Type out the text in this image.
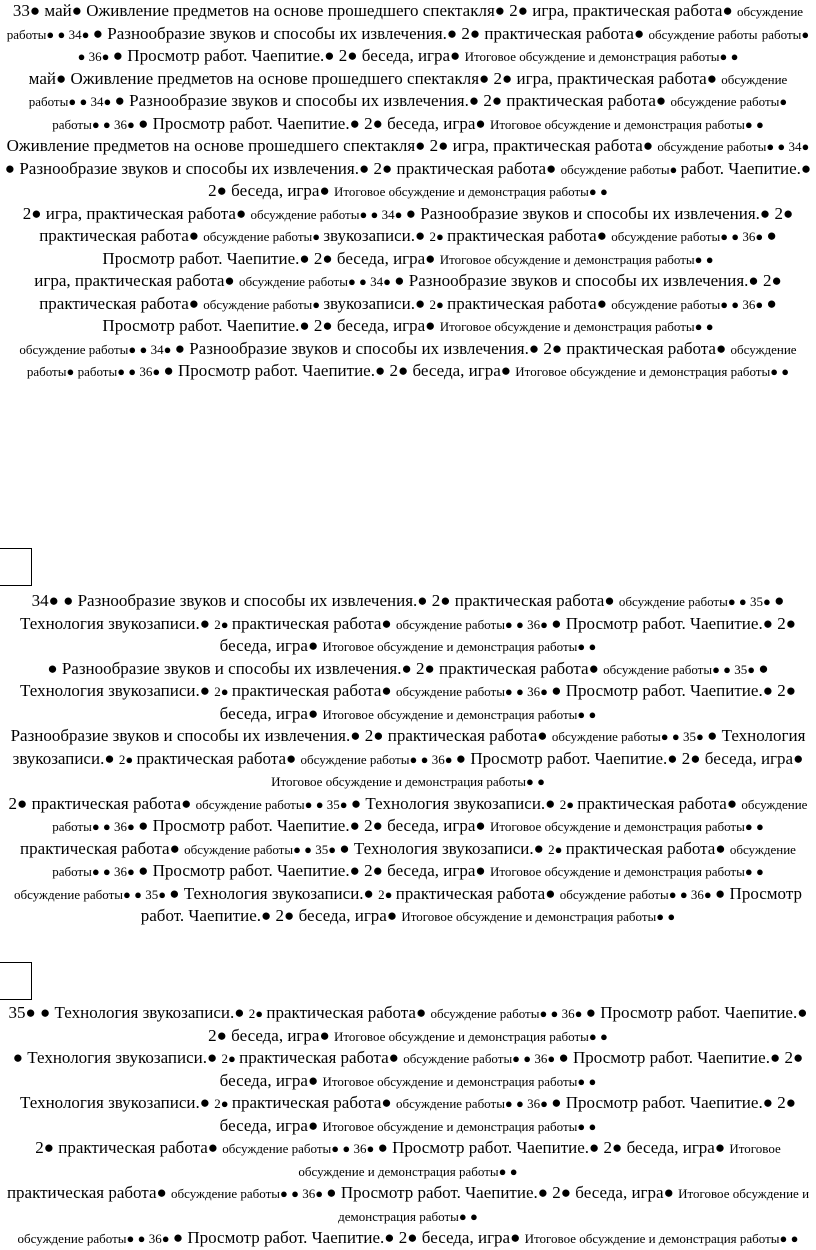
33● май● Оживление предметов на основе прошедшего спектакля● 2● игра, практическая работа● обсуждение работы● ● 34● ● Разнообразие звуков и способы их извлечения.● 2● практическая работа● обсуждение работы работы● ● 36● ● Просмотр работ. Чаепитие.● 2● беседа, игра● Итоговое обсуждение и демонстрация работы● ●

май● Оживление предметов на основе прошедшего спектакля● 2● игра, практическая работа● обсуждение работы● ● 34● ● Разнообразие звуков и способы их извлечения.● 2● практическая работа● обсуждение работы● работы● ● 36● ● Просмотр работ. Чаепитие.● 2● беседа, игра● Итоговое обсуждение и демонстрация работы● ●

Оживление предметов на основе прошедшего спектакля● 2● игра, практическая работа● обсуждение работы● ● 34● ● Разнообразие звуков и способы их извлечения.● 2● практическая работа● обсуждение работы● работ. Чаепитие.● 2● беседа, игра● Итоговое обсуждение и демонстрация работы● ●

2● игра, практическая работа● обсуждение работы● ● 34● ● Разнообразие звуков и способы их извлечения.● 2● практическая работа● обсуждение работы● звукозаписи.● 2● практическая работа● обсуждение работы● ● 36● ● Просмотр работ. Чаепитие.● 2● беседа, игра● Итоговое обсуждение и демонстрация работы● ●

игра, практическая работа● обсуждение работы● ● 34● ● Разнообразие звуков и способы их извлечения.● 2● практическая работа● обсуждение работы● звукозаписи.● 2● практическая работа● обсуждение работы● ● 36● ● Просмотр работ. Чаепитие.● 2● беседа, игра● Итоговое обсуждение и демонстрация работы● ●

обсуждение работы● ● 34● ● Разнообразие звуков и способы их извлечения.● 2● практическая работа● обсуждение работы● работы● ● 36● ● Просмотр работ. Чаепитие.● 2● беседа, игра● Итоговое обсуждение и демонстрация работы● ●

34● ● Разнообразие звуков и способы их извлечения.● 2● практическая работа● обсуждение работы● ● 35● ● Технология звукозаписи.● 2● практическая работа● обсуждение работы● ● 36● ● Просмотр работ. Чаепитие.● 2● беседа, игра● Итоговое обсуждение и демонстрация работы● ●

● Разнообразие звуков и способы их извлечения.● 2● практическая работа● обсуждение работы● ● 35● ● Технология звукозаписи.● 2● практическая работа● обсуждение работы● ● 36● ● Просмотр работ. Чаепитие.● 2● беседа, игра● Итоговое обсуждение и демонстрация работы● ●

Разнообразие звуков и способы их извлечения.● 2● практическая работа● обсуждение работы● ● 35● ● Технология звукозаписи.● 2● практическая работа● обсуждение работы● ● 36● ● Просмотр работ. Чаепитие.● 2● беседа, игра● Итоговое обсуждение и демонстрация работы● ●

2● практическая работа● обсуждение работы● ● 35● ● Технология звукозаписи.● 2● практическая работа● обсуждение работы● ● 36● ● Просмотр работ. Чаепитие.● 2● беседа, игра● Итоговое обсуждение и демонстрация работы● ●

практическая работа● обсуждение работы● ● 35● ● Технология звукозаписи.● 2● практическая работа● обсуждение работы● ● 36● ● Просмотр работ. Чаепитие.● 2● беседа, игра● Итоговое обсуждение и демонстрация работы● ●

обсуждение работы● ● 35● ● Технология звукозаписи.● 2● практическая работа● обсуждение работы● ● 36● ● Просмотр работ. Чаепитие.● 2● беседа, игра● Итоговое обсуждение и демонстрация работы● ●

35● ● Технология звукозаписи.● 2● практическая работа● обсуждение работы● ● 36● ● Просмотр работ. Чаепитие.● 2● беседа, игра● Итоговое обсуждение и демонстрация работы● ●

● Технология звукозаписи.● 2● практическая работа● обсуждение работы● ● 36● ● Просмотр работ. Чаепитие.● 2● беседа, игра● Итоговое обсуждение и демонстрация работы● ●

Технология звукозаписи.● 2● практическая работа● обсуждение работы● ● 36● ● Просмотр работ. Чаепитие.● 2● беседа, игра● Итоговое обсуждение и демонстрация работы● ●

2● практическая работа● обсуждение работы● ● 36● ● Просмотр работ. Чаепитие.● 2● беседа, игра● Итоговое обсуждение и демонстрация работы● ●

практическая работа● обсуждение работы● ● 36● ● Просмотр работ. Чаепитие.● 2● беседа, игра● Итоговое обсуждение и демонстрация работы● ●

обсуждение работы● ● 36● ● Просмотр работ. Чаепитие.● 2● беседа, игра● Итоговое обсуждение и демонстрация работы● ●
